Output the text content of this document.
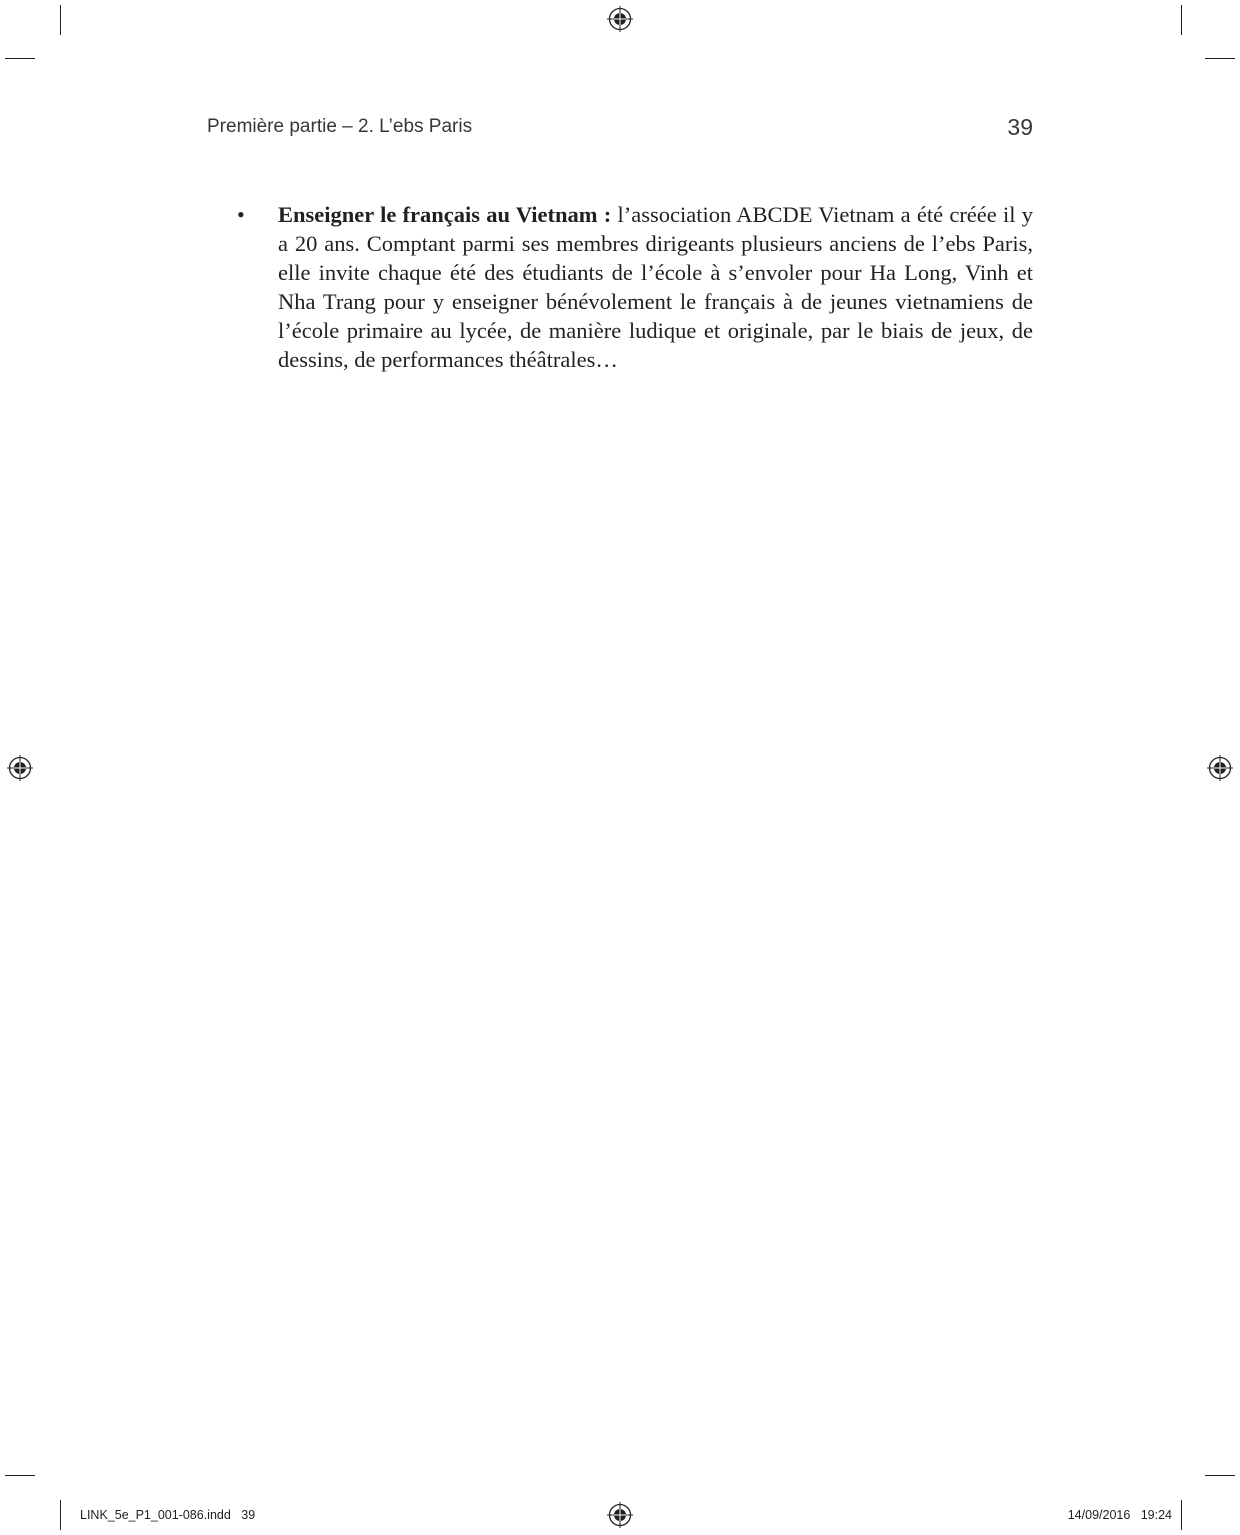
Première partie – 2. L’ebs Paris	39
• Enseigner le français au Vietnam : l’association ABCDE Vietnam a été créée il y a 20 ans. Comptant parmi ses membres dirigeants plusieurs anciens de l’ebs Paris, elle invite chaque été des étudiants de l’école à s’envoler pour Ha Long, Vinh et Nha Trang pour y enseigner bénévolement le français à de jeunes vietnamiens de l’école primaire au lycée, de manière ludique et originale, par le biais de jeux, de dessins, de performances théâtrales…

LINK_5e_P1_001-086.indd   39	14/09/2016   19:24
